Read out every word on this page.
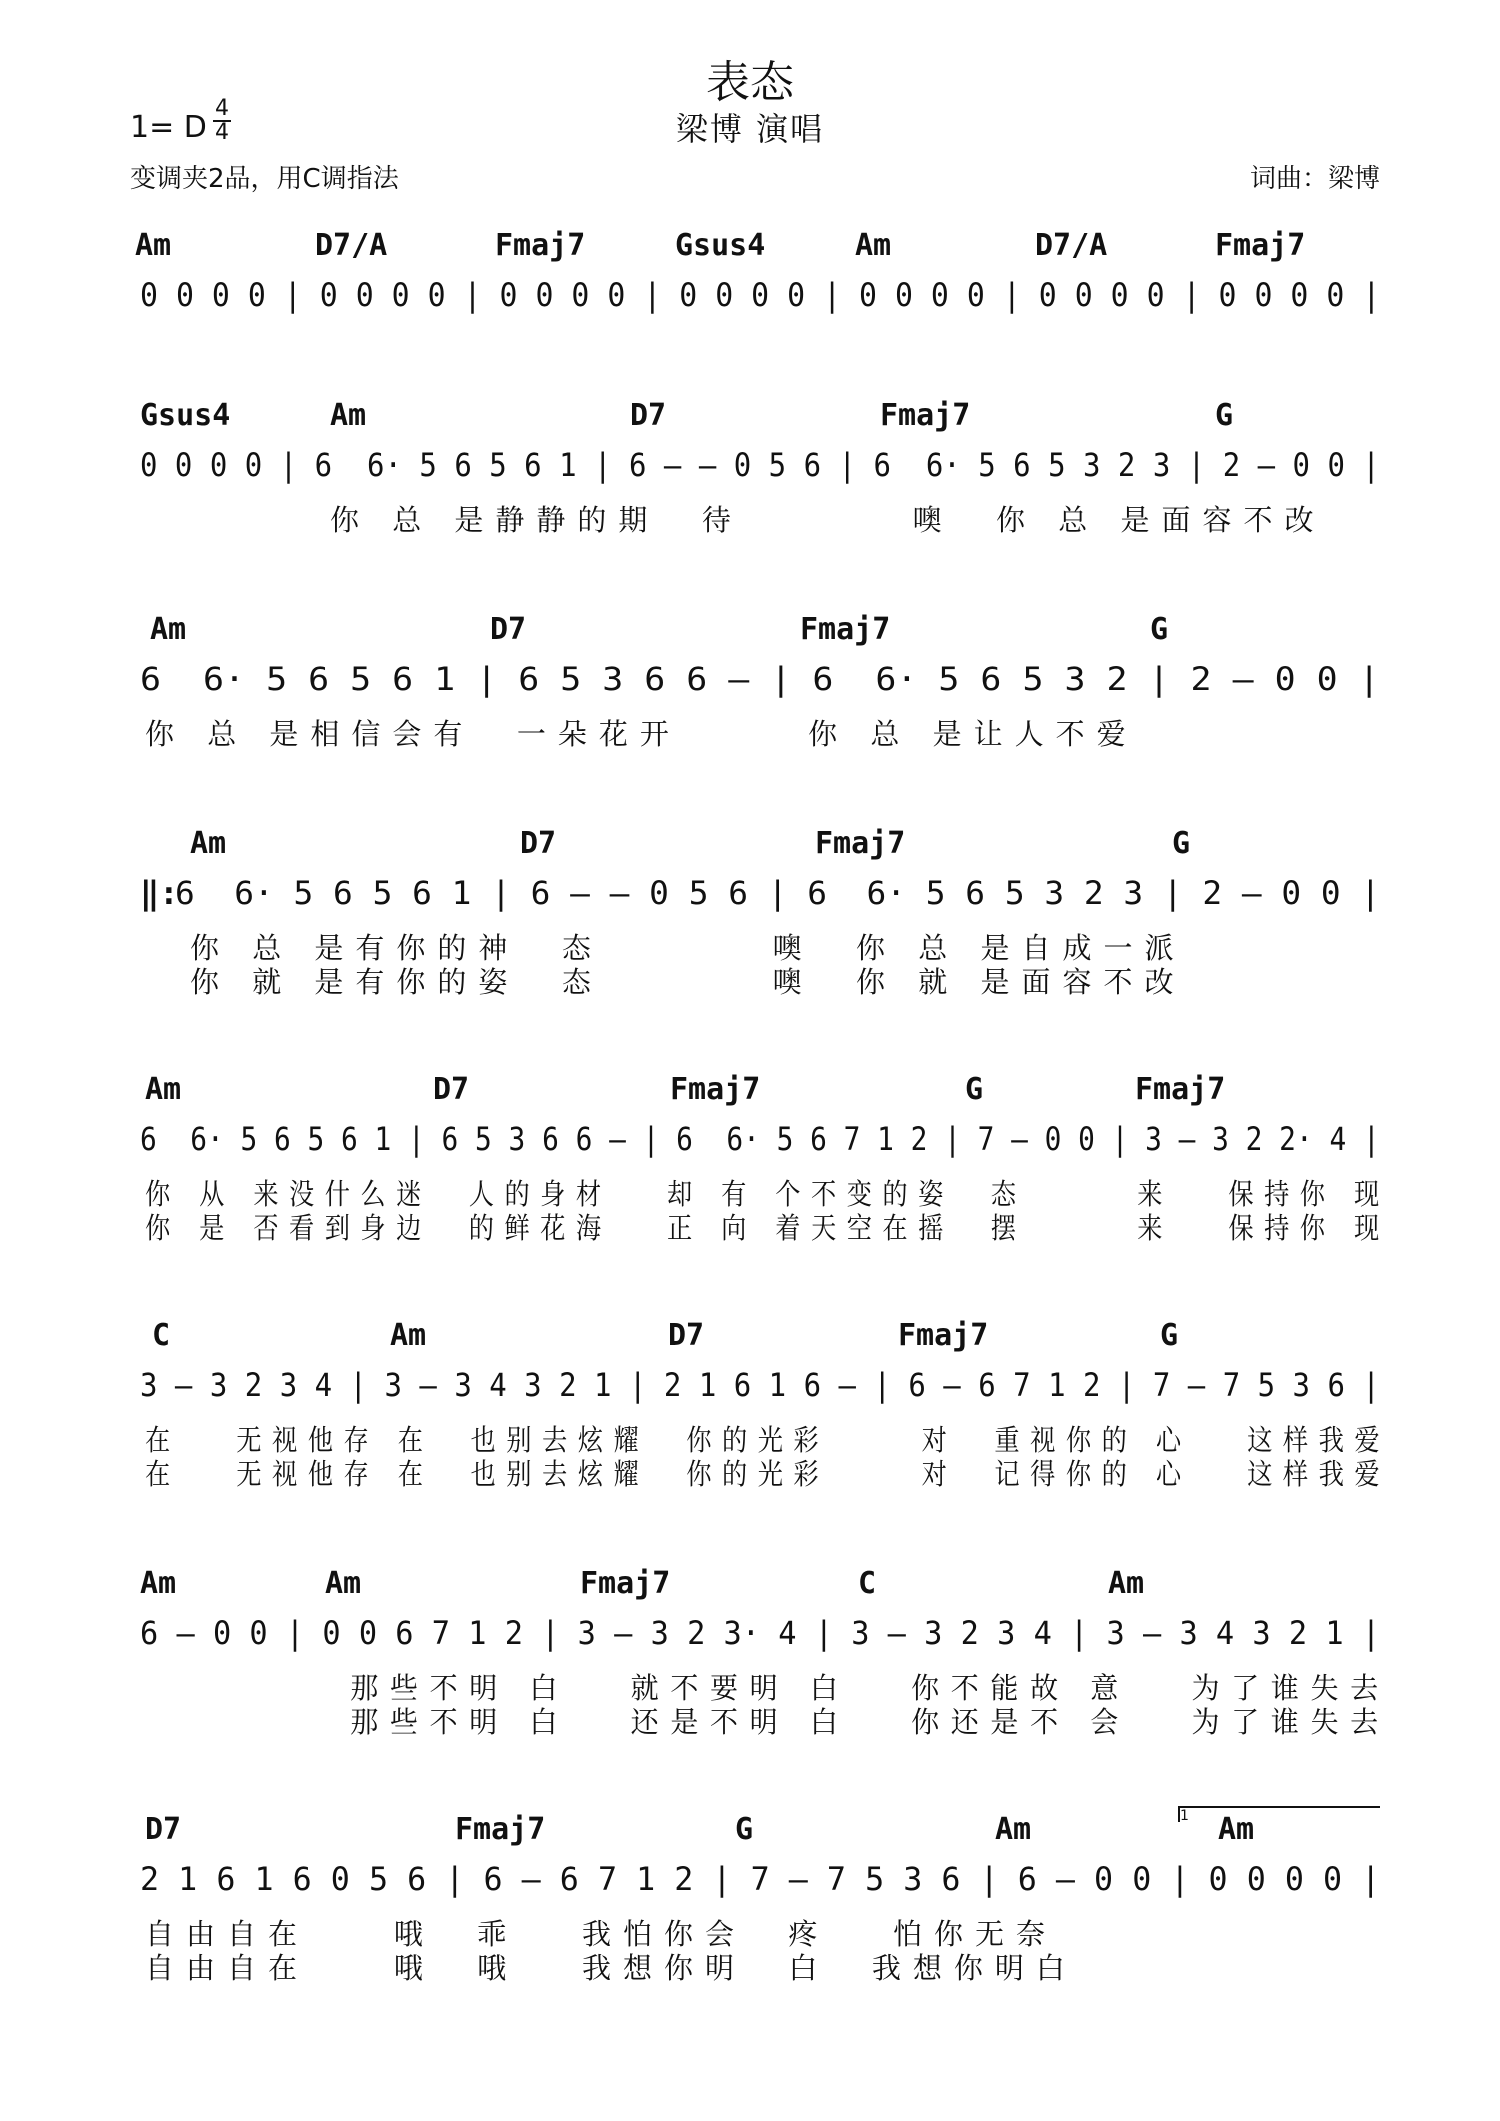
表态
梁博 演唱
1= D
4
4
变调夹2品，用C调指法	词曲：梁博
Am	D7/A	Fmaj7	Gsus4	Am	D7/A	Fmaj7
0 0 0 0 | 0 0 0 0 | 0 0 0 0 | 0 0 0 0 | 0 0 0 0 | 0 0 0 0 | 0 0 0 0 |
Gsus4	Am	D7	Fmaj7	G
0 0 0 0 | 6  6· 5 6 5 6 1 | 6 — — 0 5 6 | 6  6· 5 6 5 3 2 3 | 2 — 0 0 |
你 总 是静静的期  待        噢  你 总 是面容不改
Am	D7	Fmaj7	G
6  6· 5 6 5 6 1 | 6 5 3 6 6 — | 6  6· 5 6 5 3 2 | 2 — 0 0 |
你 总 是相信会有  一朵花开      你 总 是让人不爱
Am	D7	Fmaj7	G
6  6· 5 6 5 6 1 | 6 — — 0 5 6 | 6  6· 5 6 5 3 2 3 | 2 — 0 0 |
‖:
你 总 是有你的神  态        噢  你 总 是自成一派
你 就 是有你的姿  态        噢  你 就 是面容不改
Am	D7	Fmaj7	G	Fmaj7
6  6· 5 6 5 6 1 | 6 5 3 6 6 — | 6  6· 5 6 7 1 2 | 7 — 0 0 | 3 — 3 2 2· 4 |
你 从 来没什么迷  人的身材   却 有 个不变的姿  态      来   保持你 现
你 是 否看到身边  的鲜花海   正 向 着天空在摇  摆      来   保持你 现
C	Am	D7	Fmaj7	G
3 — 3 2 3 4 | 3 — 3 4 3 2 1 | 2 1 6 1 6 — | 6 — 6 7 1 2 | 7 — 7 5 3 6 |
在   无视他存 在  也别去炫耀  你的光彩     对  重视你的 心   这样我爱
在   无视他存 在  也别去炫耀  你的光彩     对  记得你的 心   这样我爱
Am	Am	Fmaj7	C	Am
6 — 0 0 | 0 0 6 7 1 2 | 3 — 3 2 3· 4 | 3 — 3 2 3 4 | 3 — 3 4 3 2 1 |
那些不明 白   就不要明 白   你不能故 意   为了谁失去
那些不明 白   还是不明 白   你还是不 会   为了谁失去
D7	Fmaj7	G	Am	Am
1
2 1 6 1 6 0 5 6 | 6 — 6 7 1 2 | 7 — 7 5 3 6 | 6 — 0 0 | 0 0 0 0 |
自由自在    哦  乖   我怕你会  疼   怕你无奈
自由自在    哦  哦   我想你明  白  我想你明白
